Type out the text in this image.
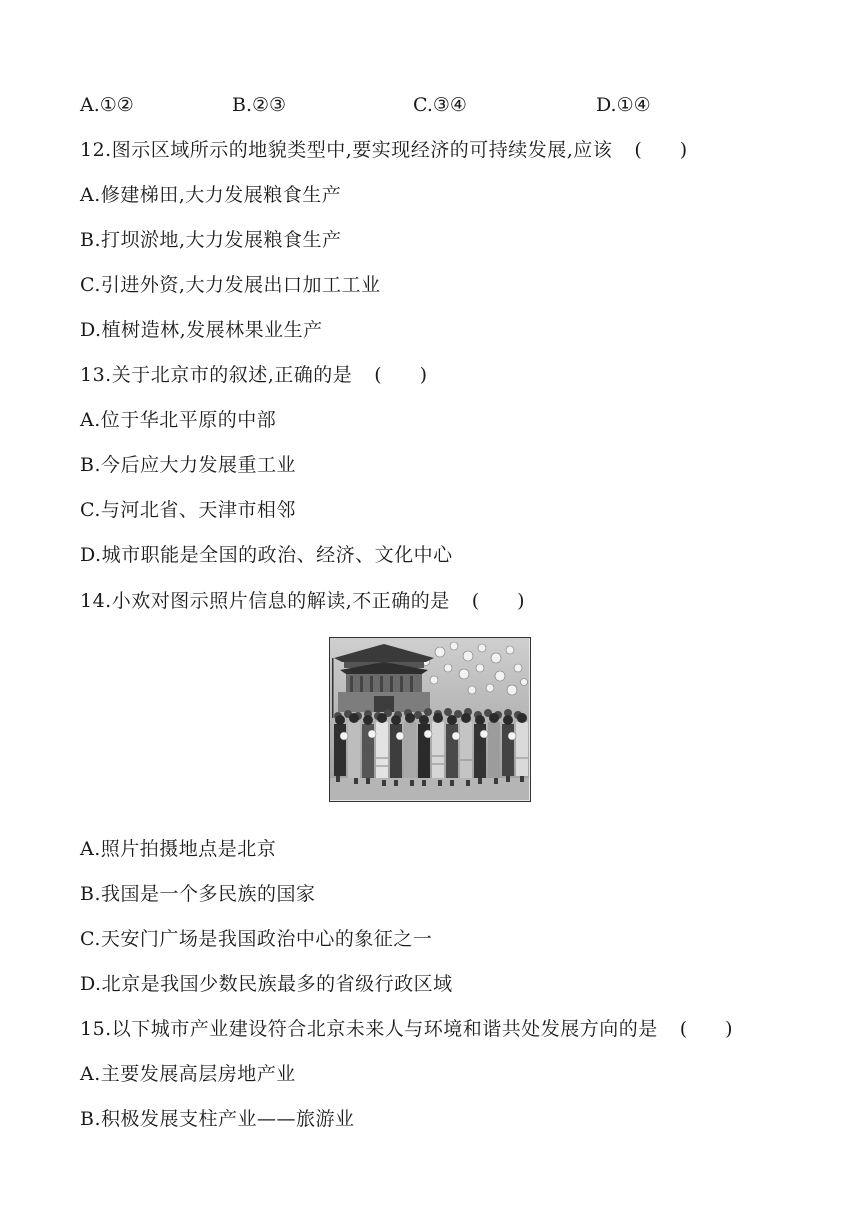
A.①②	B.②③	C.③④	D.①④
12.图示区域所示的地貌类型中,要实现经济的可持续发展,应该 (　　)
A.修建梯田,大力发展粮食生产
B.打坝淤地,大力发展粮食生产
C.引进外资,大力发展出口加工工业
D.植树造林,发展林果业生产
13.关于北京市的叙述,正确的是 (　　)
A.位于华北平原的中部
B.今后应大力发展重工业
C.与河北省、天津市相邻
D.城市职能是全国的政治、经济、文化中心
14.小欢对图示照片信息的解读,不正确的是 (　　)
A.照片拍摄地点是北京
B.我国是一个多民族的国家
C.天安门广场是我国政治中心的象征之一
D.北京是我国少数民族最多的省级行政区域
15.以下城市产业建设符合北京未来人与环境和谐共处发展方向的是 (　　)
A.主要发展高层房地产业
B.积极发展支柱产业——旅游业
